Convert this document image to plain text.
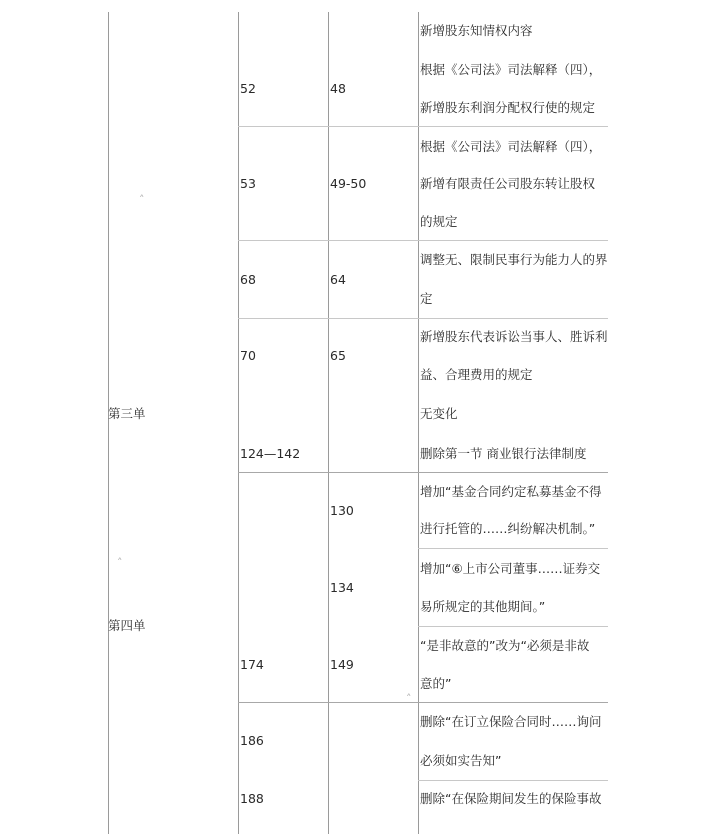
第三单
第四单
52
53
68
70
124—142
174
186
188
48
49-50
64
65
130
134
149
新增股东知情权内容
根据《公司法》司法解释（四），
新增股东利润分配权行使的规定
根据《公司法》司法解释（四），
新增有限责任公司股东转让股权
的规定
调整无、限制民事行为能力人的界
定
新增股东代表诉讼当事人、胜诉利
益、合理费用的规定
无变化
删除第一节 商业银行法律制度
增加“基金合同约定私募基金不得
进行托管的……纠纷解决机制。”
增加“⑥上市公司董事……证券交
易所规定的其他期间。”
“是非故意的”改为“必须是非故
意的”
删除“在订立保险合同时……询问
必须如实告知”
删除“在保险期间发生的保险事故
˄
˄
˄
